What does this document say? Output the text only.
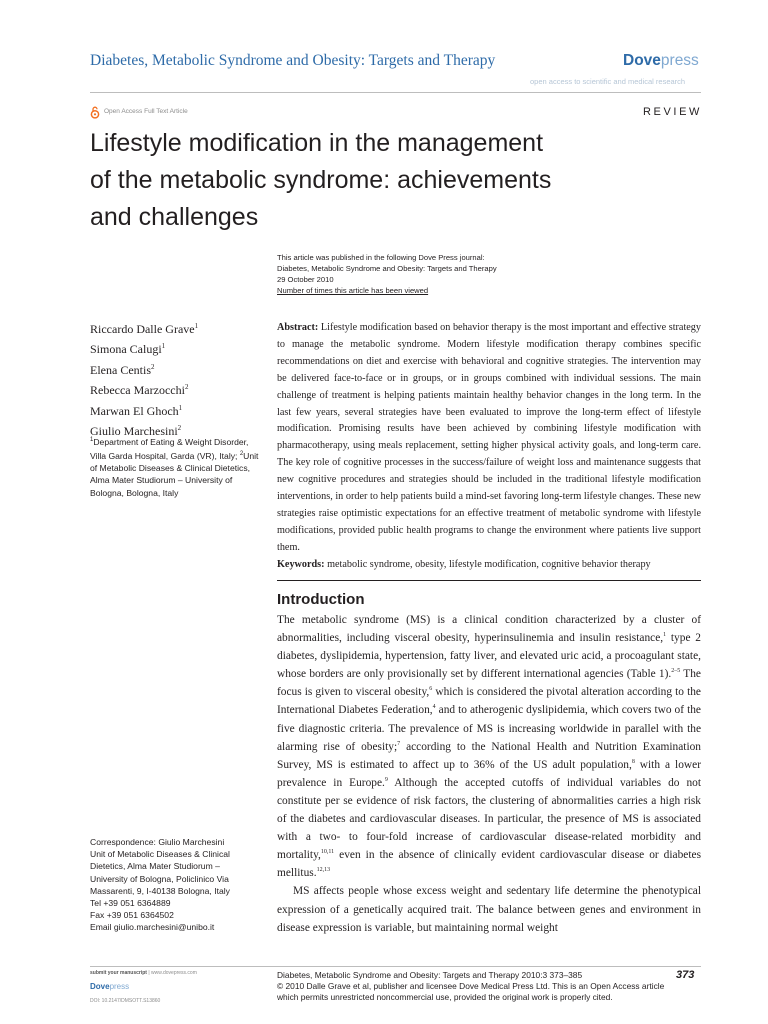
Diabetes, Metabolic Syndrome and Obesity: Targets and Therapy	Dovepress
open access to scientific and medical research
Open Access Full Text Article	REVIEW
Lifestyle modification in the management
of the metabolic syndrome: achievements
and challenges
This article was published in the following Dove Press journal:
Diabetes, Metabolic Syndrome and Obesity: Targets and Therapy
29 October 2010
Number of times this article has been viewed
Riccardo Dalle Grave$^1$
Simona Calugi$^1$
Elena Centis$^2$
Rebecca Marzocchi$^2$
Marwan El Ghoch$^1$
Giulio Marchesini$^2$
$^1$Department of Eating & Weight Disorder, Villa Garda Hospital, Garda (VR), Italy; $^2$Unit of Metabolic Diseases & Clinical Dietetics, Alma Mater Studiorum – University of Bologna, Bologna, Italy

Abstract: Lifestyle modification based on behavior therapy is the most important and effective strategy to manage the metabolic syndrome. Modern lifestyle modification therapy combines specific recommendations on diet and exercise with behavioral and cognitive strategies. The intervention may be delivered face-to-face or in groups, or in groups combined with individual sessions. The main challenge of treatment is helping patients maintain healthy behavior changes in the long term. In the last few years, several strategies have been evaluated to improve the long-term effect of lifestyle modification. Promising results have been achieved by combining lifestyle modification with pharmacotherapy, using meals replacement, setting higher physical activity goals, and long-term care. The key role of cognitive processes in the success/failure of weight loss and maintenance suggests that new cognitive procedures and strategies should be included in the traditional lifestyle modification interventions, in order to help patients build a mind-set favoring long-term lifestyle changes. These new strategies raise optimistic expectations for an effective treatment of metabolic syndrome with lifestyle modifications, provided public health programs to change the environment where patients live support them.

Keywords: metabolic syndrome, obesity, lifestyle modification, cognitive behavior therapy

Introduction

The metabolic syndrome (MS) is a clinical condition characterized by a cluster of abnormalities, including visceral obesity, hyperinsulinemia and insulin resistance,$^1$ type 2 diabetes, dyslipidemia, hypertension, fatty liver, and elevated uric acid, a procoagulant state, whose borders are only provisionally set by different international agencies (Table 1).$^{2-5}$ The focus is given to visceral obesity,$^6$ which is considered the pivotal alteration according to the International Diabetes Federation,$^4$ and to atherogenic dyslipidemia, which covers two of the five diagnostic criteria. The prevalence of MS is increasing worldwide in parallel with the alarming rise of obesity;$^7$ according to the National Health and Nutrition Examination Survey, MS is estimated to affect up to 36% of the US adult population,$^8$ with a lower prevalence in Europe.$^9$ Although the accepted cutoffs of individual variables do not constitute per se evidence of risk factors, the clustering of abnormalities carries a high risk of the diabetes and cardiovascular diseases. In particular, the presence of MS is associated with a two- to four-fold increase of cardiovascular disease-related morbidity and mortality,$^{10,11}$ even in the absence of clinically evident cardiovascular disease or diabetes mellitus.$^{12,13}$

MS affects people whose excess weight and sedentary life determine the phenotypical expression of a genetically acquired trait. The balance between genes and environment in disease expression is variable, but maintaining normal weight

Correspondence: Giulio Marchesini
Unit of Metabolic Diseases & Clinical
Dietetics, Alma Mater Studiorum –
University of Bologna, Policlinico Via
Massarenti, 9, I-40138 Bologna, Italy
Tel +39 051 6364889
Fax +39 051 6364502
Email giulio.marchesini@unibo.it
submit your manuscript | www.dovepress.com
Dovepress
DOI: 10.2147/DMSOTT.S13860
Diabetes, Metabolic Syndrome and Obesity: Targets and Therapy 2010:3 373–385
© 2010 Dalle Grave et al, publisher and licensee Dove Medical Press Ltd. This is an Open Access article
which permits unrestricted noncommercial use, provided the original work is properly cited.
373
